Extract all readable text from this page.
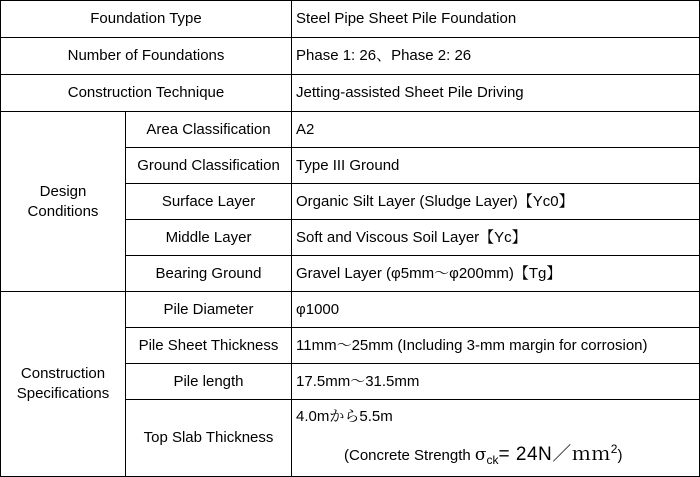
Foundation Type		Steel Pipe Sheet Pile Foundation
Number of Foundations		Phase 1: 26、Phase 2: 26
Construction Technique		Jetting-assisted Sheet Pile Driving

Design
Conditions	Area Classification	A2
	Ground Classification	Type III Ground
	Surface Layer	Organic Silt Layer (Sludge Layer)【Yc0】
	Middle Layer	Soft and Viscous Soil Layer【Yc】
	Bearing Ground	Gravel Layer (φ5mm～φ200mm)【Tg】

Construction
Specifications	Pile Diameter	φ1000
	Pile Sheet Thickness	11mm～25mm (Including 3-mm margin for corrosion)
	Pile length	17.5mm～31.5mm
	Top Slab Thickness	4.0mから5.5m
(Concrete Strength $\sigma_{ck}=$ 24N／ｍｍ$^2$)
